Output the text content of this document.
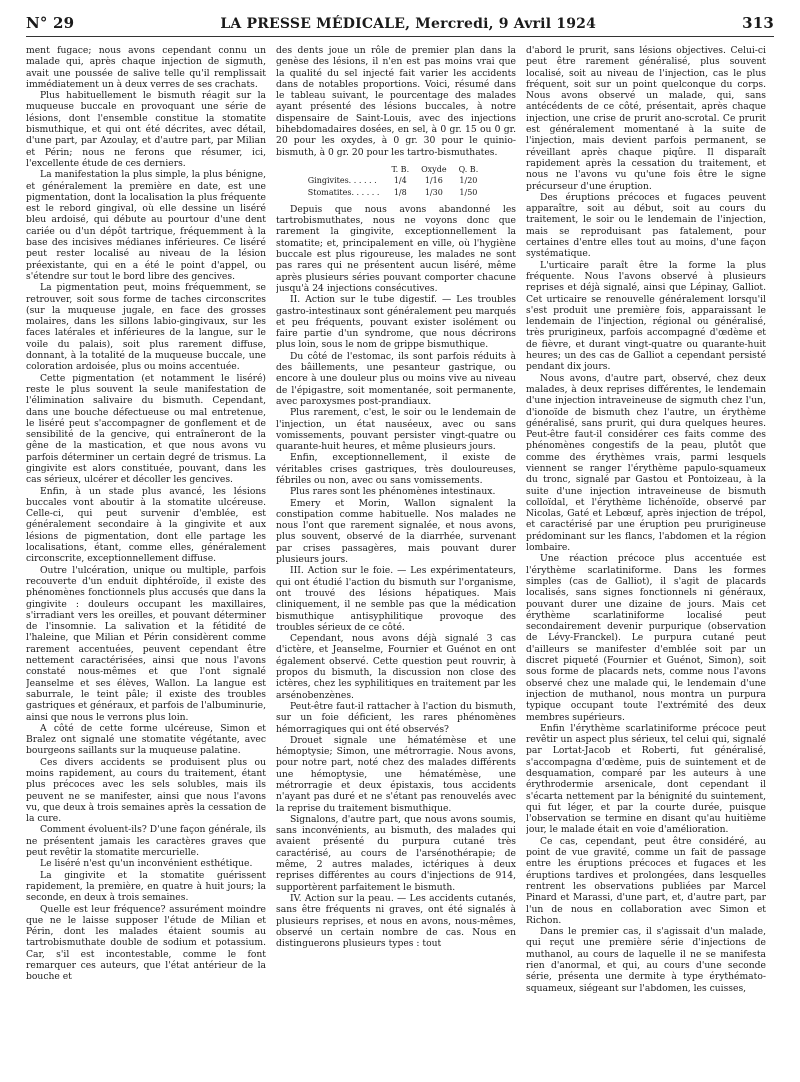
N° 29	LA PRESSE MÉDICALE, Mercredi, 9 Avril 1924	313

ment fugace; nous avons cependant connu un malade qui, après chaque injection de sigmuth, avait une poussée de salive telle qu'il remplissait immédiatement un à deux verres de ses crachats.

Plus habituellement le bismuth réagit sur la muqueuse buccale en provoquant une série de lésions, dont l'ensemble constitue la stomatite bismuthique, et qui ont été décrites, avec détail, d'une part, par Azoulay, et d'autre part, par Milian et Périn; nous ne ferons que résumer, ici, l'excellente étude de ces derniers.

La manifestation la plus simple, la plus bénigne, et généralement la première en date, est une pigmentation, dont la localisation la plus fréquente est le rebord gingival, où elle dessine un liséré bleu ardoisé, qui débute au pourtour d'une dent cariée ou d'un dépôt tartrique, fréquemment à la base des incisives médianes inférieures. Ce liséré peut rester localisé au niveau de la lésion préexistante, qui en a été le point d'appel, ou s'étendre sur tout le bord libre des gencives.

La pigmentation peut, moins fréquemment, se retrouver, soit sous forme de taches circonscrites (sur la muqueuse jugale, en face des grosses molaires, dans les sillons labio-gingivaux, sur les faces latérales et inférieures de la langue, sur le voile du palais), soit plus rarement diffuse, donnant, à la totalité de la muqueuse buccale, une coloration ardoisée, plus ou moins accentuée.

Cette pigmentation (et notamment le liséré) reste le plus souvent la seule manifestation de l'élimination salivaire du bismuth. Cependant, dans une bouche défectueuse ou mal entretenue, le liséré peut s'accompagner de gonflement et de sensibilité de la gencive, qui entraîneront de la gêne de la mastication, et que nous avons vu parfois déterminer un certain degré de trismus. La gingivite est alors constituée, pouvant, dans les cas sérieux, ulcérer et décoller les gencives.

Enfin, à un stade plus avancé, les lésions buccales vont aboutir à la stomatite ulcéreuse. Celle-ci, qui peut survenir d'emblée, est généralement secondaire à la gingivite et aux lésions de pigmentation, dont elle partage les localisations, étant, comme elles, généralement circonscrite, exceptionnellement diffuse.

Outre l'ulcération, unique ou multiple, parfois recouverte d'un enduit diphtéroïde, il existe des phénomènes fonctionnels plus accusés que dans la gingivite : douleurs occupant les maxillaires, s'irradiant vers les oreilles, et pouvant déterminer de l'insomnie. La salivation et la fétidité de l'haleine, que Milian et Périn considèrent comme rarement accentuées, peuvent cependant être nettement caractérisées, ainsi que nous l'avons constaté nous-mêmes et que l'ont signalé Jeanselme et ses élèves, Wallon. La langue est saburrale, le teint pâle; il existe des troubles gastriques et généraux, et parfois de l'albuminurie, ainsi que nous le verrons plus loin.

A côté de cette forme ulcéreuse, Simon et Bralez ont signalé une stomatite végétante, avec bourgeons saillants sur la muqueuse palatine.

Ces divers accidents se produisent plus ou moins rapidement, au cours du traitement, étant plus précoces avec les sels solubles, mais ils peuvent ne se manifester, ainsi que nous l'avons vu, que deux à trois semaines après la cessation de la cure.

Comment évoluent-ils? D'une façon générale, ils ne présentent jamais les caractères graves que peut revêtir la stomatite mercurielle.

Le liséré n'est qu'un inconvénient esthétique.

La gingivite et la stomatite guérissent rapidement, la première, en quatre à huit jours; la seconde, en deux à trois semaines.

Quelle est leur fréquence? assurément moindre que ne le laisse supposer l'étude de Milian et Périn, dont les malades étaient soumis au tartrobismuthate double de sodium et potassium. Car, s'il est incontestable, comme le font remarquer ces auteurs, que l'état antérieur de la bouche et

des dents joue un rôle de premier plan dans la genèse des lésions, il n'en est pas moins vrai que la qualité du sel injecté fait varier les accidents dans de notables proportions. Voici, résumé dans le tableau suivant, le pourcentage des malades ayant présenté des lésions buccales, à notre dispensaire de Saint-Louis, avec des injections bihebdomadaires dosées, en sel, à 0 gr. 15 ou 0 gr. 20 pour les oxydes, à 0 gr. 30 pour le quinio-bismuth, à 0 gr. 20 pour les tartro-bismuthates.

	T. B.	Oxyde	Q. B.
Gingivites. . . . . .	1/4	1/16	1/20
Stomatites. . . . . .	1/8	1/30	1/50

Depuis que nous avons abandonné les tartrobismuthates, nous ne voyons donc que rarement la gingivite, exceptionnellement la stomatite; et, principalement en ville, où l'hygiène buccale est plus rigoureuse, les malades ne sont pas rares qui ne présentent aucun liséré, même après plusieurs séries pouvant comporter chacune jusqu'à 24 injections consécutives.

II. Action sur le tube digestif. — Les troubles gastro-intestinaux sont généralement peu marqués et peu fréquents, pouvant exister isolément ou faire partie d'un syndrome, que nous décrirons plus loin, sous le nom de grippe bismuthique.

Du côté de l'estomac, ils sont parfois réduits à des bâillements, une pesanteur gastrique, ou encore à une douleur plus ou moins vive au niveau de l'épigastre, soit momentanée, soit permanente, avec paroxysmes post-prandiaux.

Plus rarement, c'est, le soir ou le lendemain de l'injection, un état nauséeux, avec ou sans vomissements, pouvant persister vingt-quatre ou quarante-huit heures, et même plusieurs jours.

Enfin, exceptionnellement, il existe de véritables crises gastriques, très douloureuses, fébriles ou non, avec ou sans vomissements.

Plus rares sont les phénomènes intestinaux.

Emery et Morin, Wallon signalent la constipation comme habituelle. Nos malades ne nous l'ont que rarement signalée, et nous avons, plus souvent, observé de la diarrhée, survenant par crises passagères, mais pouvant durer plusieurs jours.

III. Action sur le foie. — Les expérimentateurs, qui ont étudié l'action du bismuth sur l'organisme, ont trouvé des lésions hépatiques. Mais cliniquement, il ne semble pas que la médication bismuthique antisyphilitique provoque des troubles sérieux de ce côté.

Cependant, nous avons déjà signalé 3 cas d'ictère, et Jeanselme, Fournier et Guénot en ont également observé. Cette question peut rouvrir, à propos du bismuth, la discussion non close des ictères, chez les syphilitiques en traitement par les arsénobenzènes.

Peut-être faut-il rattacher à l'action du bismuth, sur un foie déficient, les rares phénomènes hémorragiques qui ont été observés?

Drouet signale une hématémèse et une hémoptysie; Simon, une métrorragie. Nous avons, pour notre part, noté chez des malades différents une hémoptysie, une hématémèse, une métrorragie et deux épistaxis, tous accidents n'ayant pas duré et ne s'étant pas renouvelés avec la reprise du traitement bismuthique.

Signalons, d'autre part, que nous avons soumis, sans inconvénients, au bismuth, des malades qui avaient présenté du purpura cutané très caractérisé, au cours de l'arsénothérapie; de même, 2 autres malades, ictériques à deux reprises différentes au cours d'injections de 914, supportèrent parfaitement le bismuth.

IV. Action sur la peau. — Les accidents cutanés, sans être fréquents ni graves, ont été signalés à plusieurs reprises, et nous en avons, nous-mêmes, observé un certain nombre de cas. Nous en distinguerons plusieurs types : tout

d'abord le prurit, sans lésions objectives. Celui-ci peut être rarement généralisé, plus souvent localisé, soit au niveau de l'injection, cas le plus fréquent, soit sur un point quelconque du corps. Nous avons observé un malade, qui, sans antécédents de ce côté, présentait, après chaque injection, une crise de prurit ano-scrotal. Ce prurit est généralement momentané à la suite de l'injection, mais devient parfois permanent, se réveillant après chaque piqûre. Il disparaît rapidement après la cessation du traitement, et nous ne l'avons vu qu'une fois être le signe précurseur d'une éruption.

Des éruptions précoces et fugaces peuvent apparaître, soit au début, soit au cours du traitement, le soir ou le lendemain de l'injection, mais se reproduisant pas fatalement, pour certaines d'entre elles tout au moins, d'une façon systématique.

L'urticaire paraît être la forme la plus fréquente. Nous l'avons observé à plusieurs reprises et déjà signalé, ainsi que Lépinay, Galliot. Cet urticaire se renouvelle généralement lorsqu'il s'est produit une première fois, apparaissant le lendemain de l'injection, régional ou généralisé, très prurigineux, parfois accompagné d'œdème et de fièvre, et durant vingt-quatre ou quarante-huit heures; un des cas de Galliot a cependant persisté pendant dix jours.

Nous avons, d'autre part, observé, chez deux malades, à deux reprises différentes, le lendemain d'une injection intraveineuse de sigmuth chez l'un, d'ionoïde de bismuth chez l'autre, un érythème généralisé, sans prurit, qui dura quelques heures. Peut-être faut-il considérer ces faits comme des phénomènes congestifs de la peau, plutôt que comme des érythèmes vrais, parmi lesquels viennent se ranger l'érythème papulo-squameux du tronc, signalé par Gastou et Pontoizeau, à la suite d'une injection intraveineuse de bismuth colloïdal, et l'érythème lichénoïde, observé par Nicolas, Gaté et Lebœuf, après injection de trépol, et caractérisé par une éruption peu prurigineuse prédominant sur les flancs, l'abdomen et la région lombaire.

Une réaction précoce plus accentuée est l'érythème scarlatiniforme. Dans les formes simples (cas de Galliot), il s'agit de placards localisés, sans signes fonctionnels ni généraux, pouvant durer une dizaine de jours. Mais cet érythème scarlatiniforme localisé peut secondairement devenir purpurique (observation de Lévy-Franckel). Le purpura cutané peut d'ailleurs se manifester d'emblée soit par un discret piqueté (Fournier et Guénot, Simon), soit sous forme de placards nets, comme nous l'avons observé chez une malade qui, le lendemain d'une injection de muthanol, nous montra un purpura typique occupant toute l'extrémité des deux membres supérieurs.

Enfin l'érythème scarlatiniforme précoce peut revêtir un aspect plus sérieux, tel celui qui, signalé par Lortat-Jacob et Roberti, fut généralisé, s'accompagna d'œdème, puis de suintement et de desquamation, comparé par les auteurs à une érythrodermie arsenicale, dont cependant il s'écarta nettement par la bénignité du suintement, qui fut léger, et par la courte durée, puisque l'observation se termine en disant qu'au huitième jour, le malade était en voie d'amélioration.

Ce cas, cependant, peut être considéré, au point de vue gravité, comme un fait de passage entre les éruptions précoces et fugaces et les éruptions tardives et prolongées, dans lesquelles rentrent les observations publiées par Marcel Pinard et Marassi, d'une part, et, d'autre part, par l'un de nous en collaboration avec Simon et Richon.

Dans le premier cas, il s'agissait d'un malade, qui reçut une première série d'injections de muthanol, au cours de laquelle il ne se manifesta rien d'anormal, et qui, au cours d'une seconde série, présenta une dermite à type érythémato-squameux, siégeant sur l'abdomen, les cuisses,
